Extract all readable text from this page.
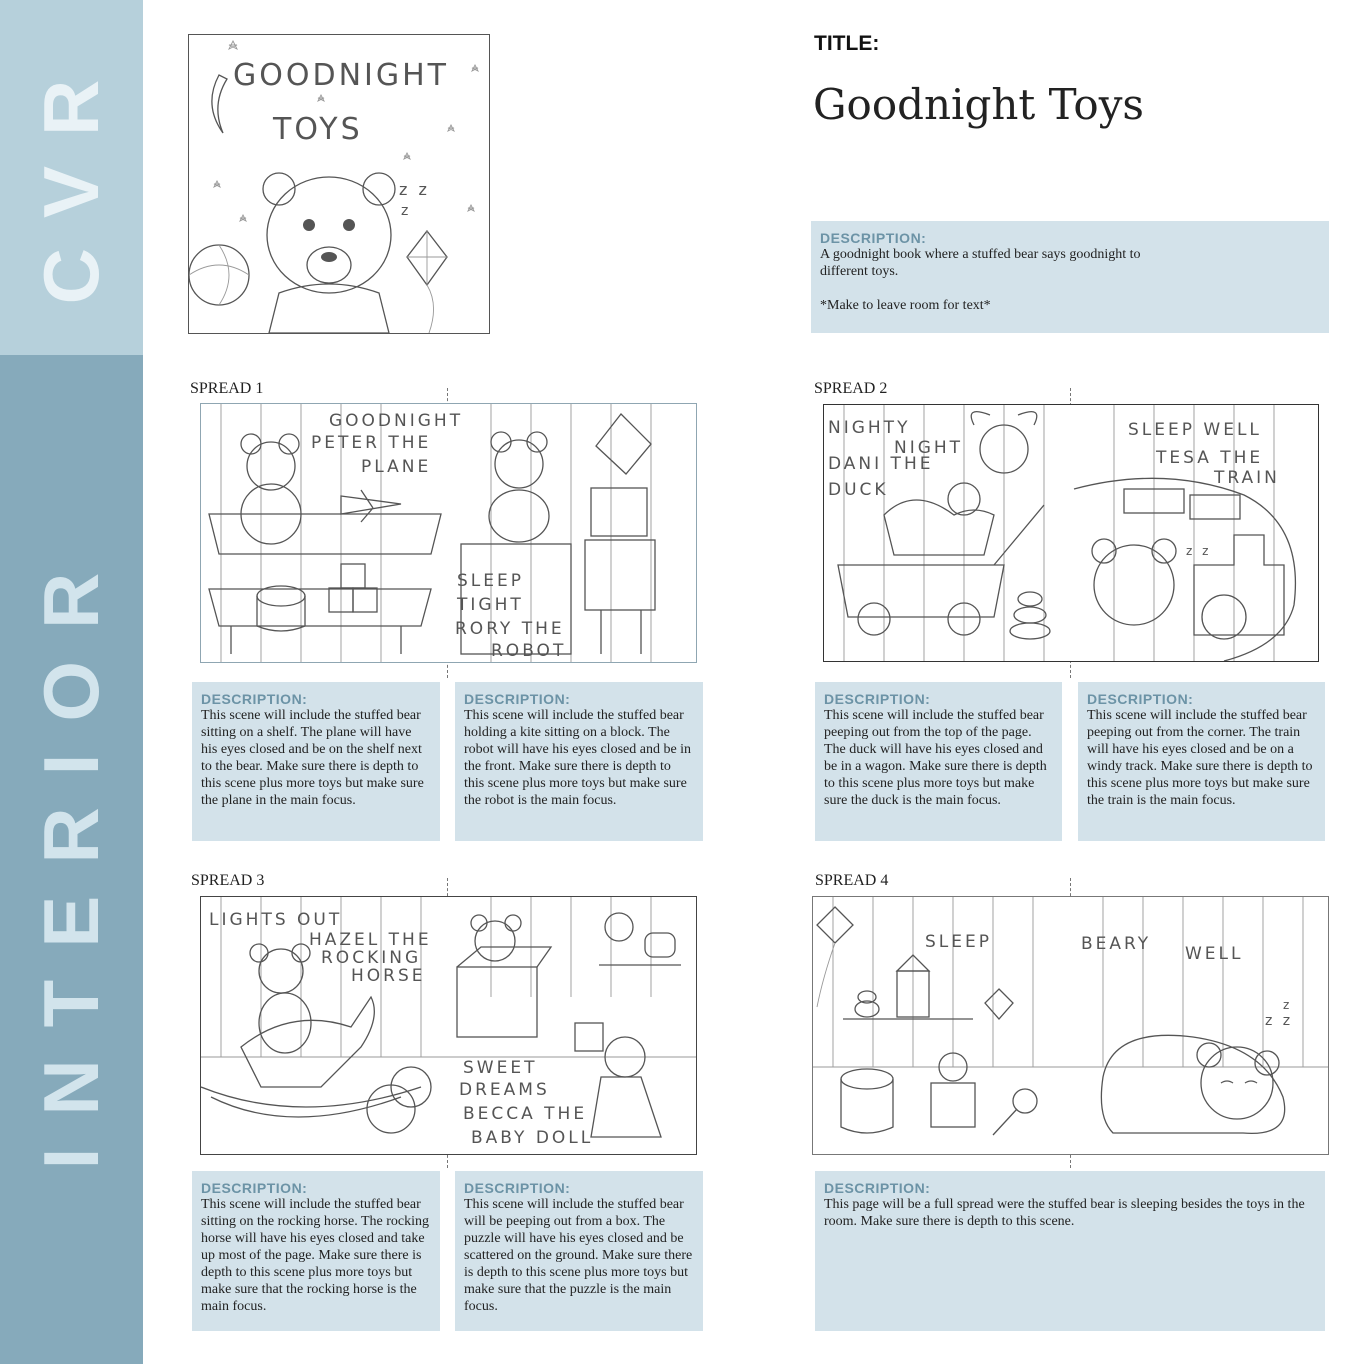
CVR
INTERIOR
GOODNIGHT
TOYS
z z
z
TITLE:
Goodnight Toys
DESCRIPTION:
A goodnight book where a stuffed bear says goodnight to
different toys.

*Make to leave room for text*
SPREAD 1
GOODNIGHT
PETER THE
PLANE
SLEEP
TIGHT
RORY THE
ROBOT
DESCRIPTION:
This scene will include the stuffed bear sitting on a shelf. The plane will have his eyes closed and be on the shelf next to the bear. Make sure there is depth to this scene plus more toys but make sure the plane in the main focus.
DESCRIPTION:
This scene will include the stuffed bear holding a kite sitting on a block. The robot will have his eyes closed and be in the front. Make sure there is depth to this scene plus more toys but make sure the robot is the main focus.
SPREAD 2
NIGHTY
NIGHT
DANI THE
DUCK
SLEEP WELL
TESA THE
TRAIN
z z
DESCRIPTION:
This scene will include the stuffed bear peeping out from the top of the page. The duck will have his eyes closed and be in a wagon. Make sure there is depth to this scene plus more toys but make sure the duck is the main focus.
DESCRIPTION:
This scene will include the stuffed bear peeping out from the corner. The train will have his eyes closed and be on a windy track. Make sure there is depth to this scene plus more toys but make sure the train is the main focus.
SPREAD 3
LIGHTS OUT
HAZEL THE
ROCKING
HORSE
SWEET
DREAMS
BECCA THE
BABY DOLL
DESCRIPTION:
This scene will include the stuffed bear sitting on the rocking horse. The rocking horse will have his eyes closed and take up most of the page. Make sure there is depth to this scene plus more toys but make sure that the rocking horse is the main focus.
DESCRIPTION:
This scene will include the stuffed bear will be peeping out from a box. The puzzle will have his eyes closed and be scattered on the ground. Make sure there is depth to this scene plus more toys but make sure that the puzzle is the main focus.
SPREAD 4
SLEEP	BEARY WELL
z z
z
DESCRIPTION:
This page will be a full spread were the stuffed bear is sleeping besides the toys in the room. Make sure there is depth to this scene.
